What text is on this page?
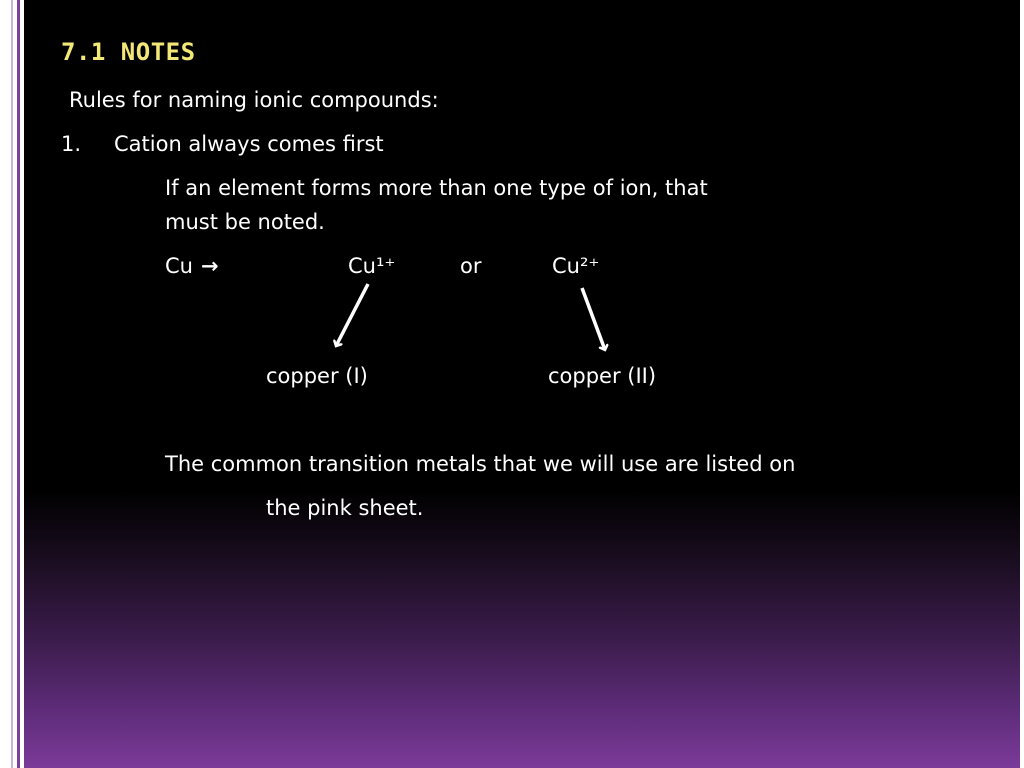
7.1 NOTES
Rules for naming ionic compounds:
1. Cation always comes first
If an element forms more than one type of ion, that
must be noted.
Cu →	Cu¹⁺	or	Cu²⁺
copper (I)	copper (II)
The common transition metals that we will use are listed on
the pink sheet.
